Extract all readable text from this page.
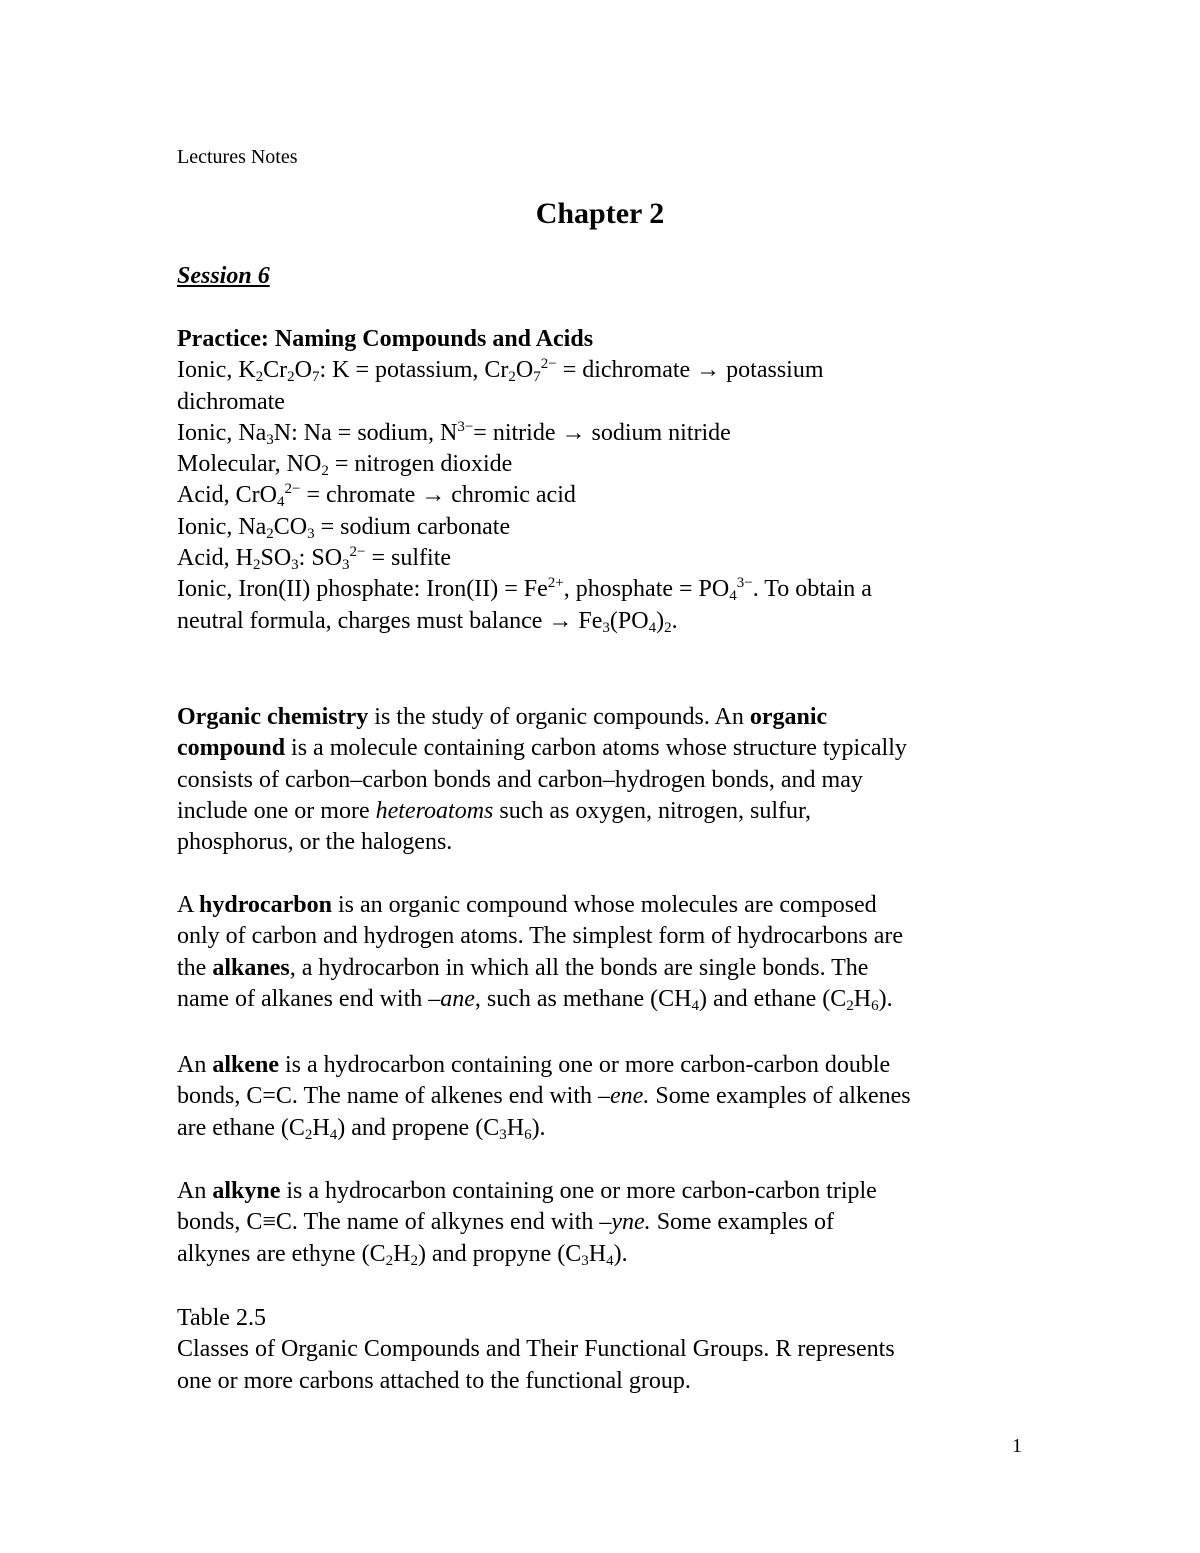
Lectures Notes
Chapter 2
Session 6
Practice: Naming Compounds and Acids
Ionic, $K_2Cr_2O_7$: K = potassium, $Cr_2O_7^{2-}$ = dichromate → potassium
dichromate
Ionic, $Na_3N$: Na = sodium, $N^{3-}=$ nitride → sodium nitride
Molecular, $NO_2$ = nitrogen dioxide
Acid, CrO$_4^{2-}$ = chromate → chromic acid
Ionic, $Na_2CO_3$ = sodium carbonate
Acid, $H_2SO_3$: $SO_3^{2-}$ = sulfite
Ionic, Iron(II) phosphate: Iron(II) = $Fe^{2+}$, phosphate = $PO_4^{3-}$. To obtain a
neutral formula, charges must balance → $Fe_3(PO_4)_2$.
Organic chemistry is the study of organic compounds. An organic
compound is a molecule containing carbon atoms whose structure typically
consists of carbon–carbon bonds and carbon–hydrogen bonds, and may
include one or more heteroatoms such as oxygen, nitrogen, sulfur,
phosphorus, or the halogens.
A hydrocarbon is an organic compound whose molecules are composed
only of carbon and hydrogen atoms. The simplest form of hydrocarbons are
the alkanes, a hydrocarbon in which all the bonds are single bonds. The
name of alkanes end with –ane, such as methane $(CH_4)$ and ethane $(C_2H_6)$.
An alkene is a hydrocarbon containing one or more carbon-carbon double
bonds, C=C. The name of alkenes end with –ene. Some examples of alkenes
are ethane $(C_2H_4)$ and propene $(C_3H_6)$.
An alkyne is a hydrocarbon containing one or more carbon-carbon triple
bonds, C≡C. The name of alkynes end with –yne. Some examples of
alkynes are ethyne $(C_2H_2)$ and propyne $(C_3H_4)$.
Table 2.5
Classes of Organic Compounds and Their Functional Groups. R represents
one or more carbons attached to the functional group.
1
